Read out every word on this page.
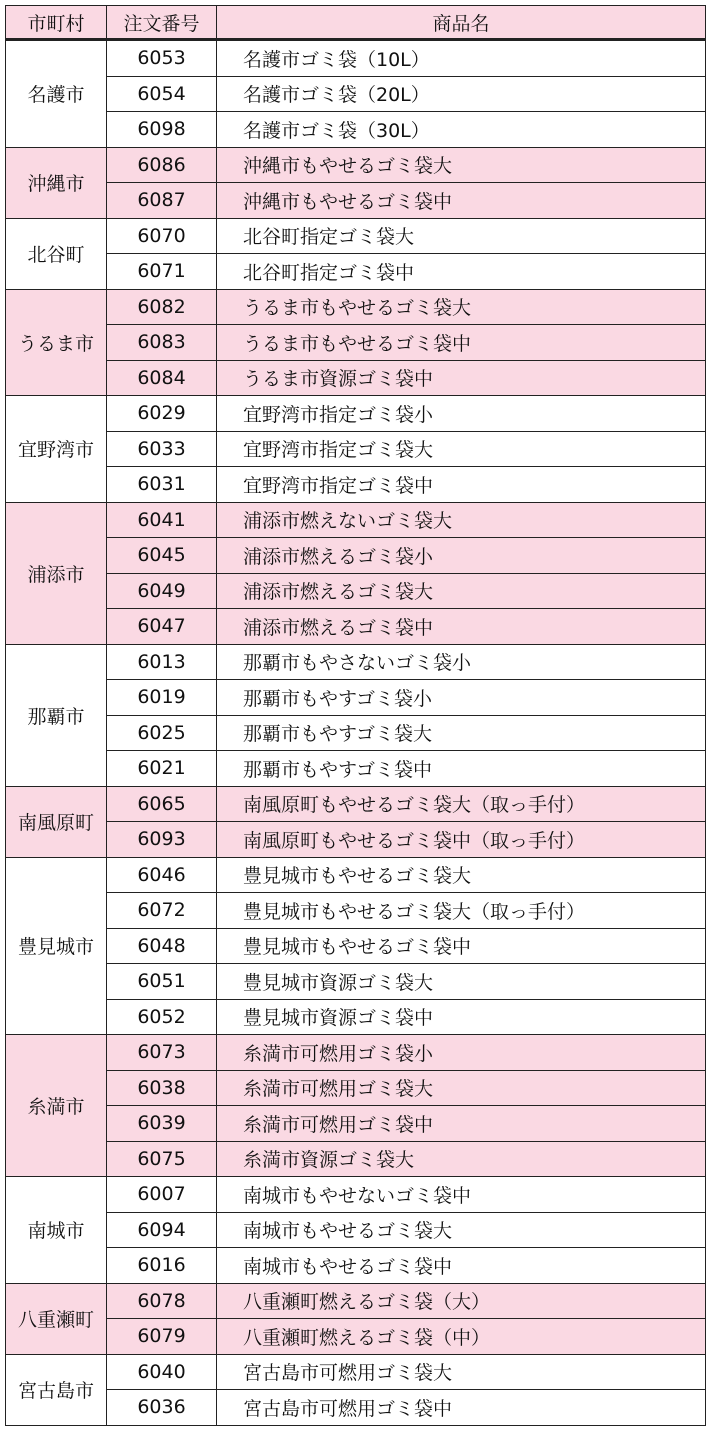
市町村	注文番号	商品名
名護市	6053	名護市ゴミ袋（10L）
	6054	名護市ゴミ袋（20L）
	6098	名護市ゴミ袋（30L）
沖縄市	6086	沖縄市もやせるゴミ袋大
	6087	沖縄市もやせるゴミ袋中
北谷町	6070	北谷町指定ゴミ袋大
	6071	北谷町指定ゴミ袋中
うるま市	6082	うるま市もやせるゴミ袋大
	6083	うるま市もやせるゴミ袋中
	6084	うるま市資源ゴミ袋中
宜野湾市	6029	宜野湾市指定ゴミ袋小
	6033	宜野湾市指定ゴミ袋大
	6031	宜野湾市指定ゴミ袋中
浦添市	6041	浦添市燃えないゴミ袋大
	6045	浦添市燃えるゴミ袋小
	6049	浦添市燃えるゴミ袋大
	6047	浦添市燃えるゴミ袋中
那覇市	6013	那覇市もやさないゴミ袋小
	6019	那覇市もやすゴミ袋小
	6025	那覇市もやすゴミ袋大
	6021	那覇市もやすゴミ袋中
南風原町	6065	南風原町もやせるゴミ袋大（取っ手付）
	6093	南風原町もやせるゴミ袋中（取っ手付）
豊見城市	6046	豊見城市もやせるゴミ袋大
	6072	豊見城市もやせるゴミ袋大（取っ手付）
	6048	豊見城市もやせるゴミ袋中
	6051	豊見城市資源ゴミ袋大
	6052	豊見城市資源ゴミ袋中
糸満市	6073	糸満市可燃用ゴミ袋小
	6038	糸満市可燃用ゴミ袋大
	6039	糸満市可燃用ゴミ袋中
	6075	糸満市資源ゴミ袋大
南城市	6007	南城市もやせないゴミ袋中
	6094	南城市もやせるゴミ袋大
	6016	南城市もやせるゴミ袋中
八重瀬町	6078	八重瀬町燃えるゴミ袋（大）
	6079	八重瀬町燃えるゴミ袋（中）
宮古島市	6040	宮古島市可燃用ゴミ袋大
	6036	宮古島市可燃用ゴミ袋中
